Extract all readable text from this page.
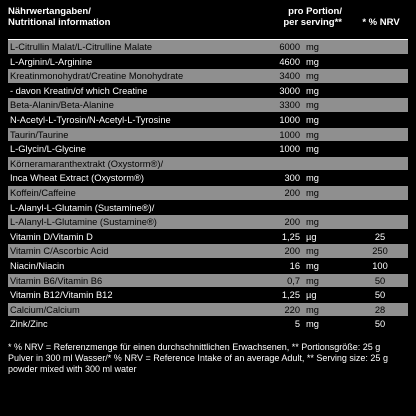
Nährwertangaben/
Nutritional information
pro Portion/
per serving**	* % NRV
L-Citrullin Malat/L-Citrulline Malate	6000 mg
L-Arginin/L-Arginine	4600 mg
Kreatinmonohydrat/Creatine Monohydrate	3400 mg
- davon Kreatin/of which Creatine	3000 mg
Beta-Alanin/Beta-Alanine	3300 mg
N-Acetyl-L-Tyrosin/N-Acetyl-L-Tyrosine	1000 mg
Taurin/Taurine	1000 mg
L-Glycin/L-Glycine	1000 mg
Körneramaranthextrakt (Oxystorm®)/
Inca Wheat Extract (Oxystorm®)	300 mg
Koffein/Caffeine	200 mg
L-Alanyl-L-Glutamin (Sustamine®)/
L-Alanyl-L-Glutamine (Sustamine®)	200 mg
Vitamin D/Vitamin D	1,25 µg	25
Vitamin C/Ascorbic Acid	200 mg	250
Niacin/Niacin	16 mg	100
Vitamin B6/Vitamin B6	0,7 mg	50
Vitamin B12/Vitamin B12	1,25 µg	50
Calcium/Calcium	220 mg	28
Zink/Zinc	5 mg	50
* % NRV = Referenzmenge für einen durchschnittlichen Erwachsenen, ** Portionsgröße: 25 g Pulver in 300 ml Wasser/* % NRV = Reference Intake of an average Adult, ** Serving size: 25 g powder mixed with 300 ml water
